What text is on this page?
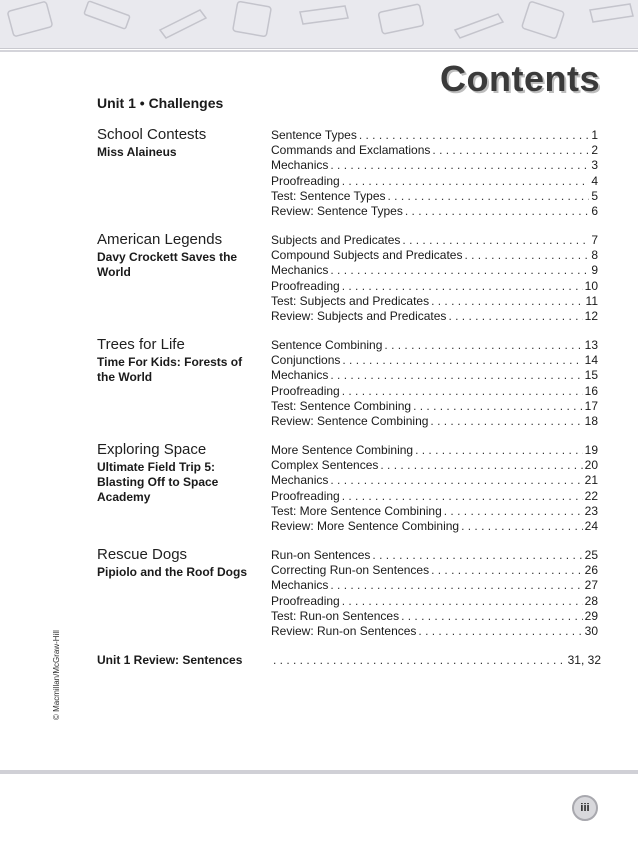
Contents
Unit 1 • Challenges
School Contests
Miss Alaineus
Sentence Types . . .	1
Commands and Exclamations . . .	2
Mechanics . . .	3
Proofreading . . .	4
Test: Sentence Types . . .	5
Review: Sentence Types . . .	6
American Legends
Davy Crockett Saves the World
Subjects and Predicates . . .	7
Compound Subjects and Predicates . . .	8
Mechanics . . .	9
Proofreading . . .	10
Test: Subjects and Predicates . . .	11
Review: Subjects and Predicates . . .	12
Trees for Life
Time For Kids: Forests of the World
Sentence Combining . . .	13
Conjunctions . . .	14
Mechanics . . .	15
Proofreading . . .	16
Test: Sentence Combining . . .	17
Review: Sentence Combining . . .	18
Exploring Space
Ultimate Field Trip 5: Blasting Off to Space Academy
More Sentence Combining . . .	19
Complex Sentences . . .	20
Mechanics . . .	21
Proofreading . . .	22
Test: More Sentence Combining . . .	23
Review: More Sentence Combining . . .	24
Rescue Dogs
Pipiolo and the Roof Dogs
Run-on Sentences . . .	25
Correcting Run-on Sentences . . .	26
Mechanics . . .	27
Proofreading . . .	28
Test: Run-on Sentences . . .	29
Review: Run-on Sentences . . .	30
Unit 1 Review: Sentences . . .	31, 32
© Macmillan/McGraw-Hill
iii
